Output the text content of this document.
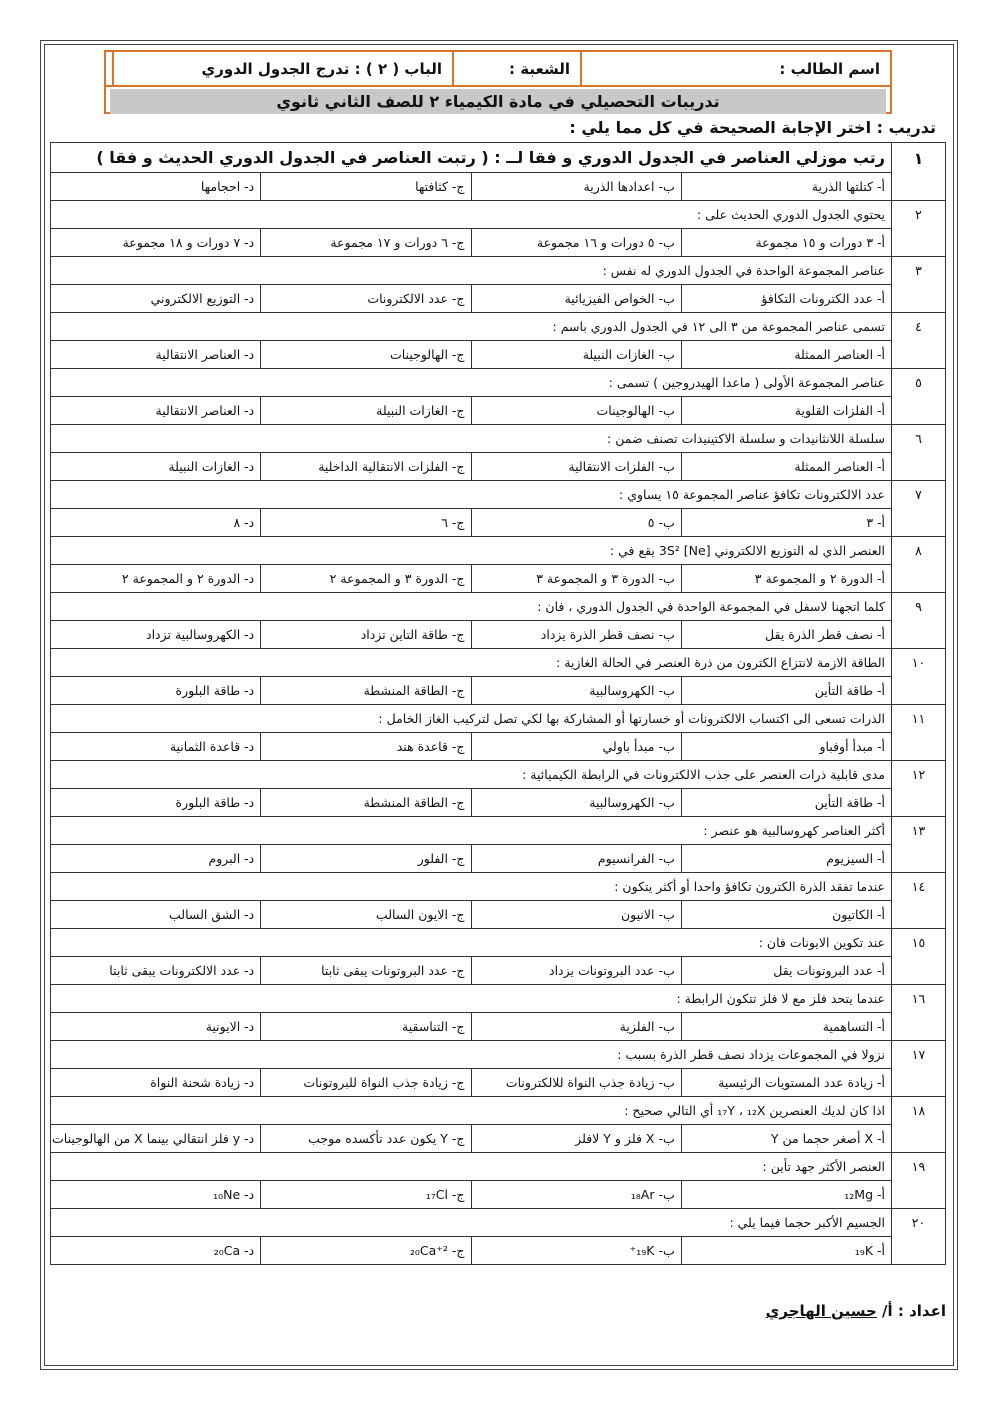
اسم الطالب :
الشعبة :
الباب ( ٢ ) : تدرج الجدول الدوري
تدريبات التحصيلي في مادة الكيمياء ٢ للصف الثاني ثانوي
تدريب : اختر الإجابة الصحيحة في كل مما يلي :
١	رتب موزلي العناصر في الجدول الدوري و فقا لــ : ( رتبت العناصر في الجدول الدوري الحديث و فقا )			
	أ- كتلتها الذرية	ب- اعدادها الذرية	ج- كثافتها	د- احجامها
٢	يحتوي الجدول الدوري الحديث على :			
	أ- ٣ دورات و ١٥ مجموعة	ب- ٥ دورات و ١٦ مجموعة	ج- ٦ دورات و ١٧ مجموعة	د- ٧ دورات و ١٨ مجموعة
٣	عناصر المجموعة الواحدة في الجدول الدوري له نفس :			
	أ- عدد الكترونات التكافؤ	ب- الخواص الفيزيائية	ج- عدد الالكترونات	د- التوزيع الالكتروني
٤	تسمى عناصر المجموعة من ٣ الى ١٢ في الجدول الدوري باسم :			
	أ- العناصر الممثلة	ب- الغازات النبيلة	ج- الهالوجينات	د- العناصر الانتقالية
٥	عناصر المجموعة الأولى ( ماعدا الهيدروجين ) تسمى :			
	أ- الفلزات القلوية	ب- الهالوجينات	ج- الغازات النبيلة	د- العناصر الانتقالية
٦	سلسلة اللانثانيدات و سلسلة الاكتينيدات تصنف ضمن :			
	أ- العناصر الممثلة	ب- الفلزات الانتقالية	ج- الفلزات الانتقالية الداخلية	د- الغازات النبيلة
٧	عدد الالكترونات تكافؤ عناصر المجموعة ١٥ يساوي :			
	أ- ٣	ب- ٥	ج- ٦	د- ٨
٨	العنصر الذي له التوزيع الالكتروني [Ne] 3S² يقع في :			
	أ- الدورة ٢ و المجموعة ٣	ب- الدورة ٣ و المجموعة ٣	ج- الدورة ٣ و المجموعة ٢	د- الدورة ٢ و المجموعة ٢
٩	كلما اتجهنا لاسفل في المجموعة الواحدة في الجدول الدوري ، فان :			
	أ- نصف قطر الذرة يقل	ب- نصف قطر الذرة يزداد	ج- طاقة التاين تزداد	د- الكهروسالبية تزداد
١٠	الطاقة الازمة لانتزاع الكترون من ذرة العنصر في الحالة الغازية :			
	أ- طاقة التأين	ب- الكهروسالبية	ج- الطاقة المنشطة	د- طاقة البلورة
١١	الذرات تسعى الى اكتساب الالكترونات أو خسارتها أو المشاركة بها لكي تصل لتركيب الغاز الخامل :			
	أ- مبدأ أوفباو	ب- مبدأ باولي	ج- قاعدة هند	د- قاعدة الثمانية
١٢	مدى قابلية ذرات العنصر على جذب الالكترونات في الرابطة الكيميائية :			
	أ- طاقة التأين	ب- الكهروسالبية	ج- الطاقة المنشطة	د- طاقة البلورة
١٣	أكثر العناصر كهروسالبية هو عنصر :			
	أ- السيزيوم	ب- الفرانسيوم	ج- الفلور	د- البروم
١٤	عندما تفقد الذرة الكترون تكافؤ واحدا أو أكثر يتكون :			
	أ- الكاتيون	ب- الانيون	ج- الايون السالب	د- الشق السالب
١٥	عند تكوين الايونات فان :			
	أ- عدد البروتونات يقل	ب- عدد البروتونات يزداد	ج- عدد البروتونات يبقى ثابتا	د- عدد الالكترونات يبقى ثابتا
١٦	عندما يتحد فلز مع لا فلز تتكون الرابطة :			
	أ- التساهمية	ب- الفلزية	ج- التناسقية	د- الايونية
١٧	نزولا في المجموعات يزداد نصف قطر الذرة بسبب :			
	أ- زيادة عدد المستويات الرئيسية	ب- زيادة جذب النواة للالكترونات	ج- زيادة جذب النواة للبروتونات	د- زيادة شحنة النواة
١٨	اذا كان لديك العنصرين ₁₇Y ، ₁₂X أي التالي صحيح :			
	أ- X أصغر حجما من Y	ب- X فلز و Y لافلز	ج- Y يكون عدد تأكسده موجب	د- y فلز انتقالي بينما X من الهالوجينات
١٩	العنصر الأكثر جهد تأين :			
	أ- ₁₂Mg	ب- ₁₈Ar	ج- ₁₇Cl	د- ₁₀Ne
٢٠	الجسيم الأكبر حجما فيما يلي :			
	أ- ₁₉K	ب- ₁₉K⁺	ج- ₂₀Ca⁺²	د- ₂₀Ca
اعداد : أ/ حسين الهاجري
